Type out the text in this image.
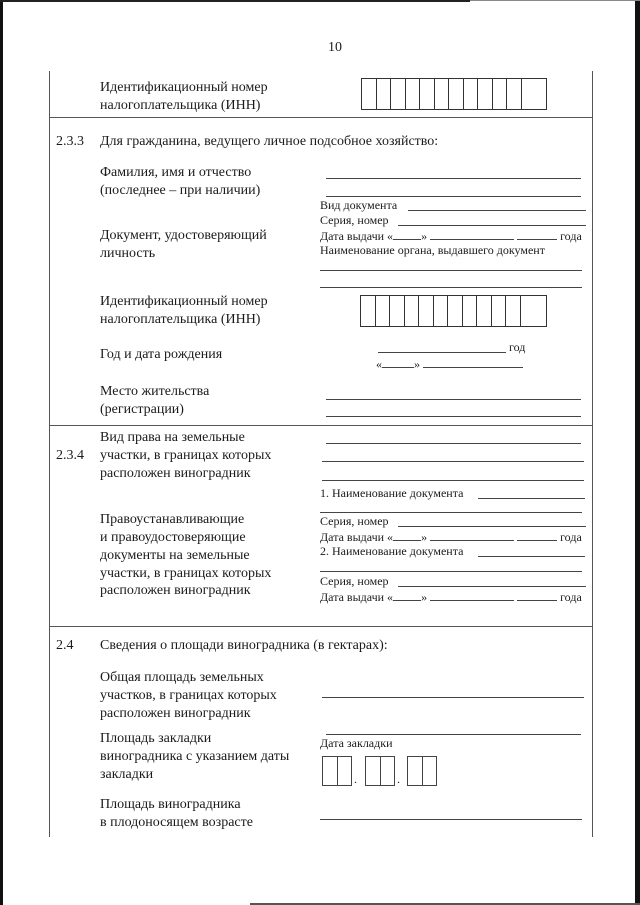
10
Идентификационный номер
налогоплательщика (ИНН)
2.3.3 Для гражданина, ведущего личное подсобное хозяйство:
Фамилия, имя и отчество
(последнее – при наличии)
Документ, удостоверяющий
личность
Вид документа
Серия, номер
Дата выдачи « »	года
Наименование органа, выдавшего документ
Идентификационный номер
налогоплательщика (ИНН)
Год и дата рождения	год
«	»
Место жительства
(регистрации)
2.3.4
Вид права на земельные
участки, в границах которых
расположен виноградник
Правоустанавливающие
и правоудостоверяющие
документы на земельные
участки, в границах которых
расположен виноградник
1. Наименование документа
Серия, номер
Дата выдачи « »	года
2. Наименование документа
Серия, номер
Дата выдачи « »	года
2.4 Сведения о площади виноградника (в гектарах):
Общая площадь земельных
участков, в границах которых
расположен виноградник
Площадь закладки
виноградника с указанием даты
закладки
Дата закладки
.	.
Площадь виноградника
в плодоносящем возрасте
